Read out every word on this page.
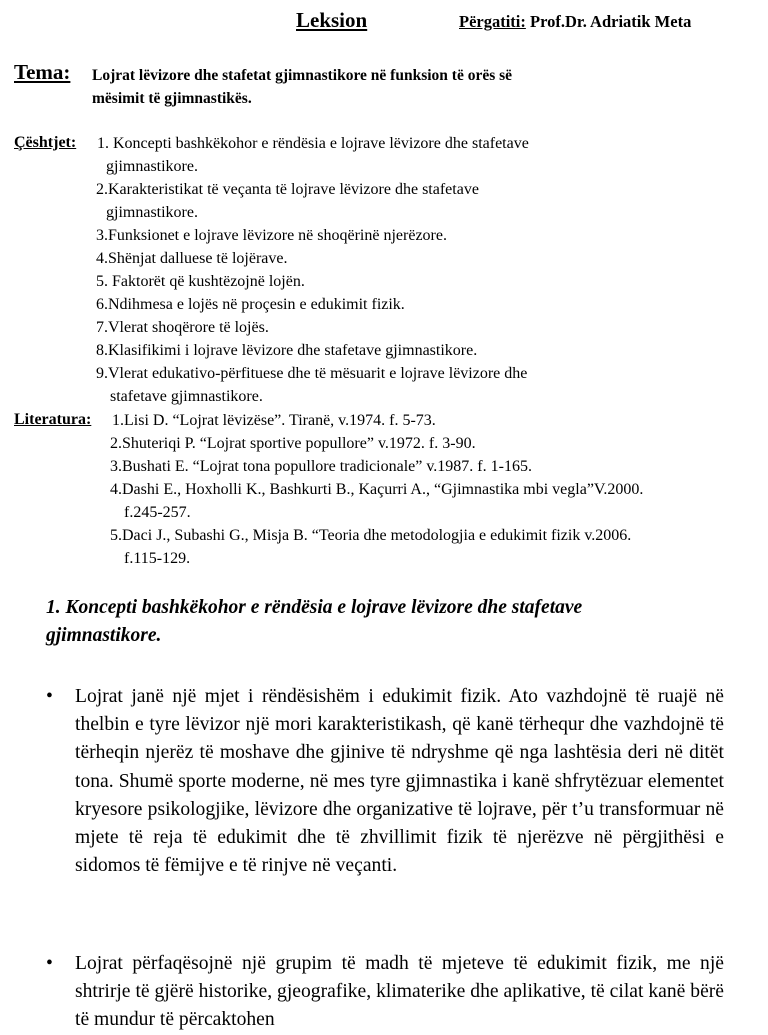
Leksion	Përgatiti: Prof.Dr. Adriatik Meta
Tema: Lojrat lëvizore dhe stafetat gjimnastikore në funksion të orës së
mësimit të gjimnastikës.
Çështjet: 1. Koncepti bashkëkohor e rëndësia e lojrave lëvizore dhe stafetave
gjimnastikore.
2.Karakteristikat të veçanta të lojrave lëvizore dhe stafetave
gjimnastikore.
3.Funksionet e lojrave lëvizore në shoqërinë njerëzore.
4.Shënjat dalluese të lojërave.
5. Faktorët që kushtëzojnë lojën.
6.Ndihmesa e lojës në proçesin e edukimit fizik.
7.Vlerat shoqërore të lojës.
8.Klasifikimi i lojrave lëvizore dhe stafetave gjimnastikore.
9.Vlerat edukativo-përfituese dhe të mësuarit e lojrave lëvizore dhe
stafetave gjimnastikore.
Literatura: 1.Lisi D. “Lojrat lëvizëse”. Tiranë, v.1974. f. 5-73.
2.Shuteriqi P. “Lojrat sportive popullore” v.1972. f. 3-90.
3.Bushati E. “Lojrat tona popullore tradicionale” v.1987. f. 1-165.
4.Dashi E., Hoxholli K., Bashkurti B., Kaçurri A., “Gjimnastika mbi vegla”V.2000.
f.245-257.
5.Daci J., Subashi G., Misja B. “Teoria dhe metodologjia e edukimit fizik v.2006.
f.115-129.
1. Koncepti bashkëkohor e rëndësia e lojrave lëvizore dhe stafetave
gjimnastikore.
• Lojrat janë një mjet i rëndësishëm i edukimit fizik. Ato vazhdojnë të ruajë në thelbin e tyre lëvizor një mori karakteristikash, që kanë tërhequr dhe vazhdojnë të tërheqin njerëz të moshave dhe gjinive të ndryshme që nga lashtësia deri në ditët tona. Shumë sporte moderne, në mes tyre gjimnastika i kanë shfrytëzuar elementet kryesore psikologjike, lëvizore dhe organizative të lojrave, për t’u transformuar në mjete të reja të edukimit dhe të zhvillimit fizik të njerëzve në përgjithësi e sidomos të fëmijve e të rinjve në veçanti.
• Lojrat përfaqësojnë një grupim të madh të mjeteve të edukimit fizik, me një shtrirje të gjërë historike, gjeografike, klimaterike dhe aplikative, të cilat kanë bërë të mundur të përcaktohen
